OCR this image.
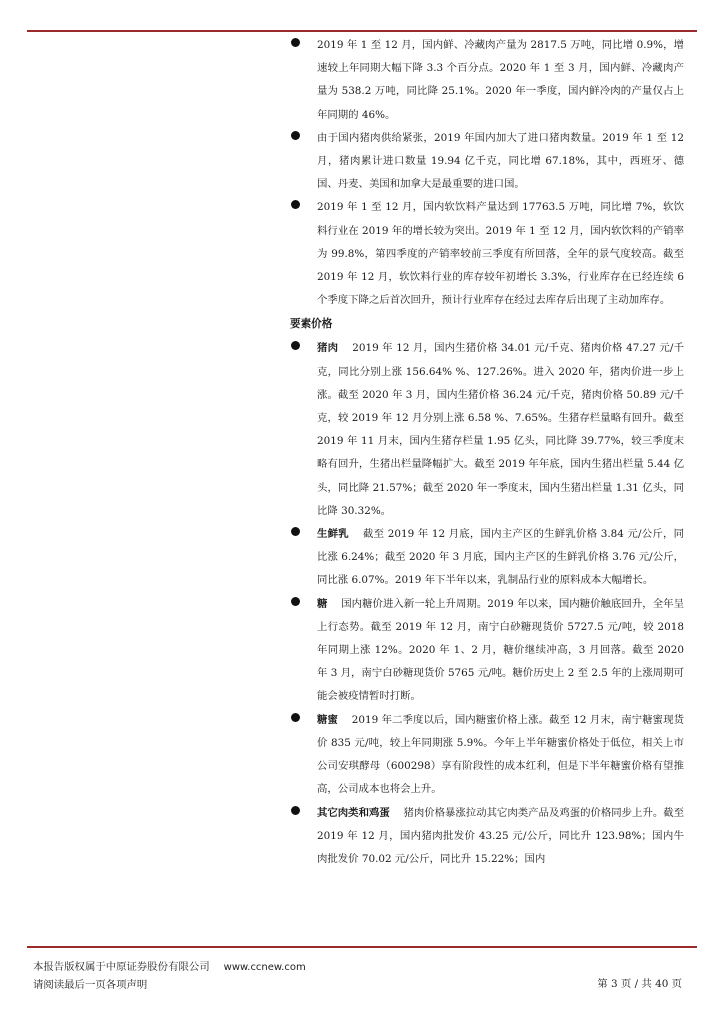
2019 年 1 至 12 月，国内鲜、冷藏肉产量为 2817.5 万吨，同比增 0.9%，增速较上年同期大幅下降 3.3 个百分点。2020 年 1 至 3 月，国内鲜、冷藏肉产量为 538.2 万吨，同比降 25.1%。2020 年一季度，国内鲜冷肉的产量仅占上年同期的 46%。

由于国内猪肉供给紧张，2019 年国内加大了进口猪肉数量。2019 年 1 至 12 月，猪肉累计进口数量 19.94 亿千克，同比增 67.18%，其中，西班牙、德国、丹麦、美国和加拿大是最重要的进口国。

2019 年 1 至 12 月，国内软饮料产量达到 17763.5 万吨，同比增 7%，软饮料行业在 2019 年的增长较为突出。2019 年 1 至 12 月，国内软饮料的产销率为 99.8%，第四季度的产销率较前三季度有所回落，全年的景气度较高。截至 2019 年 12 月，软饮料行业的库存较年初增长 3.3%，行业库存在已经连续 6 个季度下降之后首次回升，预计行业库存在经过去库存后出现了主动加库存。

要素价格

猪肉　 2019 年 12 月，国内生猪价格 34.01 元/千克、猪肉价格 47.27 元/千克，同比分别上涨 156.64% %、127.26%。进入 2020 年，猪肉价进一步上涨。截至 2020 年 3 月，国内生猪价格 36.24 元/千克，猪肉价格 50.89 元/千克，较 2019 年 12 月分别上涨 6.58 %、7.65%。生猪存栏量略有回升。截至 2019 年 11 月末，国内生猪存栏量 1.95 亿头，同比降 39.77%，较三季度末略有回升，生猪出栏量降幅扩大。截至 2019 年年底，国内生猪出栏量 5.44 亿头，同比降 21.57%；截至 2020 年一季度末，国内生猪出栏量 1.31 亿头，同比降 30.32%。

生鲜乳　 截至 2019 年 12 月底，国内主产区的生鲜乳价格 3.84 元/公斤，同比涨 6.24%；截至 2020 年 3 月底，国内主产区的生鲜乳价格 3.76 元/公斤，同比涨 6.07%。2019 年下半年以来，乳制品行业的原料成本大幅增长。

糖　 国内糖价进入新一轮上升周期。2019 年以来，国内糖价触底回升，全年呈上行态势。截至 2019 年 12 月，南宁白砂糖现货价 5727.5 元/吨，较 2018 年同期上涨 12%。2020 年 1、2 月，糖价继续冲高，3 月回落。截至 2020 年 3 月，南宁白砂糖现货价 5765 元/吨。糖价历史上 2 至 2.5 年的上涨周期可能会被疫情暂时打断。

糖蜜　 2019 年二季度以后，国内糖蜜价格上涨。截至 12 月末，南宁糖蜜现货价 835 元/吨，较上年同期涨 5.9%。今年上半年糖蜜价格处于低位，相关上市公司安琪酵母（600298）享有阶段性的成本红利，但是下半年糖蜜价格有望推高，公司成本也将会上升。

其它肉类和鸡蛋　 猪肉价格暴涨拉动其它肉类产品及鸡蛋的价格同步上升。截至 2019 年 12 月，国内猪肉批发价 43.25 元/公斤，同比升 123.98%；国内牛肉批发价 70.02 元/公斤，同比升 15.22%；国内

本报告版权属于中原证券股份有限公司 www.ccnew.com
请阅读最后一页各项声明	第 3 页 / 共 40 页
